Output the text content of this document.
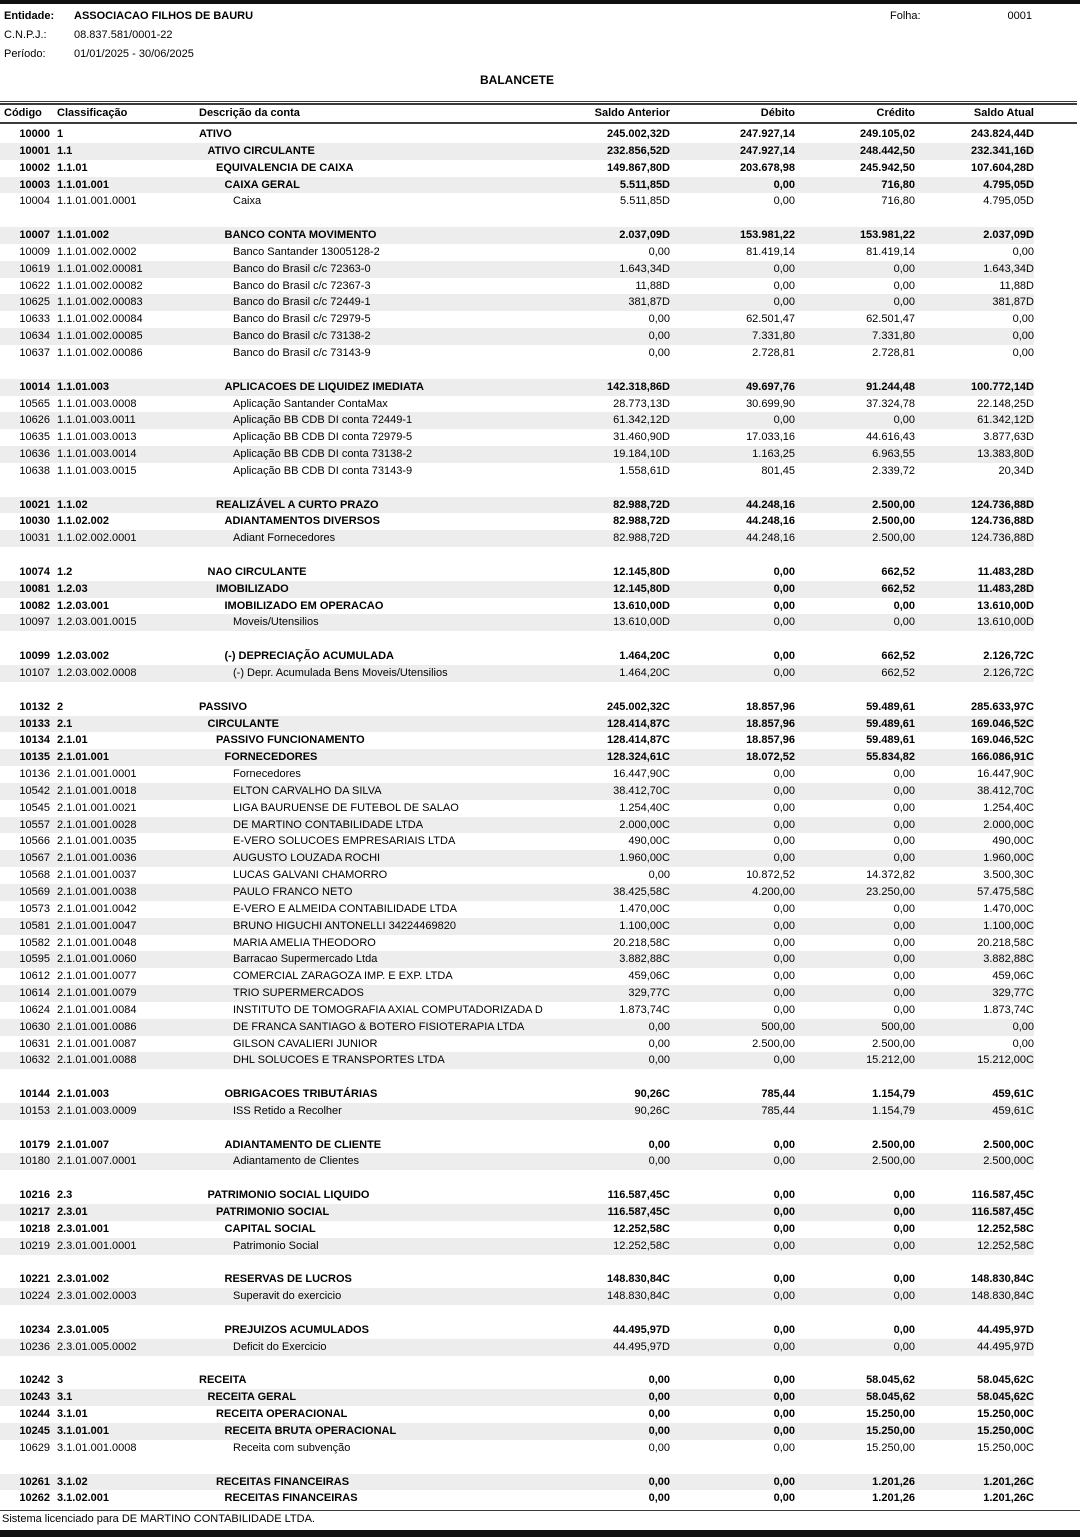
Entidade:	ASSOCIACAO FILHOS DE BAURU
C.N.P.J.:	08.837.581/0001-22
Período:	01/01/2025 - 30/06/2025
Folha:	0001
BALANCETE
Código	Classificação	Descrição da conta	Saldo Anterior	Débito	Crédito	Saldo Atual
10000 1	ATIVO	245.002,32D	247.927,14	249.105,02	243.824,44D
10001 1.1	ATIVO CIRCULANTE	232.856,52D	247.927,14	248.442,50	232.341,16D
10002 1.1.01	EQUIVALENCIA DE CAIXA	149.867,80D	203.678,98	245.942,50	107.604,28D
10003 1.1.01.001	CAIXA GERAL	5.511,85D	0,00	716,80	4.795,05D
10004 1.1.01.001.0001	Caixa	5.511,85D	0,00	716,80	4.795,05D
10007 1.1.01.002	BANCO CONTA MOVIMENTO	2.037,09D	153.981,22	153.981,22	2.037,09D
10009 1.1.01.002.0002	Banco Santander 13005128-2	0,00	81.419,14	81.419,14	0,00
10619 1.1.01.002.00081	Banco do Brasil c/c 72363-0	1.643,34D	0,00	0,00	1.643,34D
10622 1.1.01.002.00082	Banco do Brasil c/c 72367-3	11,88D	0,00	0,00	11,88D
10625 1.1.01.002.00083	Banco do Brasil c/c 72449-1	381,87D	0,00	0,00	381,87D
10633 1.1.01.002.00084	Banco do Brasil c/c 72979-5	0,00	62.501,47	62.501,47	0,00
10634 1.1.01.002.00085	Banco do Brasil c/c 73138-2	0,00	7.331,80	7.331,80	0,00
10637 1.1.01.002.00086	Banco do Brasil c/c 73143-9	0,00	2.728,81	2.728,81	0,00
10014 1.1.01.003	APLICACOES DE LIQUIDEZ IMEDIATA	142.318,86D	49.697,76	91.244,48	100.772,14D
10565 1.1.01.003.0008	Aplicação Santander ContaMax	28.773,13D	30.699,90	37.324,78	22.148,25D
10626 1.1.01.003.0011	Aplicação BB CDB DI conta 72449-1	61.342,12D	0,00	0,00	61.342,12D
10635 1.1.01.003.0013	Aplicação BB CDB DI conta 72979-5	31.460,90D	17.033,16	44.616,43	3.877,63D
10636 1.1.01.003.0014	Aplicação BB CDB DI conta 73138-2	19.184,10D	1.163,25	6.963,55	13.383,80D
10638 1.1.01.003.0015	Aplicação BB CDB DI conta 73143-9	1.558,61D	801,45	2.339,72	20,34D
10021 1.1.02	REALIZÁVEL A CURTO PRAZO	82.988,72D	44.248,16	2.500,00	124.736,88D
10030 1.1.02.002	ADIANTAMENTOS DIVERSOS	82.988,72D	44.248,16	2.500,00	124.736,88D
10031 1.1.02.002.0001	Adiant Fornecedores	82.988,72D	44.248,16	2.500,00	124.736,88D
10074 1.2	NAO CIRCULANTE	12.145,80D	0,00	662,52	11.483,28D
10081 1.2.03	IMOBILIZADO	12.145,80D	0,00	662,52	11.483,28D
10082 1.2.03.001	IMOBILIZADO EM OPERACAO	13.610,00D	0,00	0,00	13.610,00D
10097 1.2.03.001.0015	Moveis/Utensilios	13.610,00D	0,00	0,00	13.610,00D
10099 1.2.03.002	(-) DEPRECIAÇÃO ACUMULADA	1.464,20C	0,00	662,52	2.126,72C
10107 1.2.03.002.0008	(-) Depr. Acumulada Bens Moveis/Utensilios	1.464,20C	0,00	662,52	2.126,72C
10132 2	PASSIVO	245.002,32C	18.857,96	59.489,61	285.633,97C
10133 2.1	CIRCULANTE	128.414,87C	18.857,96	59.489,61	169.046,52C
10134 2.1.01	PASSIVO FUNCIONAMENTO	128.414,87C	18.857,96	59.489,61	169.046,52C
10135 2.1.01.001	FORNECEDORES	128.324,61C	18.072,52	55.834,82	166.086,91C
10136 2.1.01.001.0001	Fornecedores	16.447,90C	0,00	0,00	16.447,90C
10542 2.1.01.001.0018	ELTON CARVALHO DA SILVA	38.412,70C	0,00	0,00	38.412,70C
10545 2.1.01.001.0021	LIGA BAURUENSE DE FUTEBOL DE SALAO	1.254,40C	0,00	0,00	1.254,40C
10557 2.1.01.001.0028	DE MARTINO CONTABILIDADE LTDA	2.000,00C	0,00	0,00	2.000,00C
10566 2.1.01.001.0035	E-VERO SOLUCOES EMPRESARIAIS LTDA	490,00C	0,00	0,00	490,00C
10567 2.1.01.001.0036	AUGUSTO LOUZADA ROCHI	1.960,00C	0,00	0,00	1.960,00C
10568 2.1.01.001.0037	LUCAS GALVANI CHAMORRO	0,00	10.872,52	14.372,82	3.500,30C
10569 2.1.01.001.0038	PAULO FRANCO NETO	38.425,58C	4.200,00	23.250,00	57.475,58C
10573 2.1.01.001.0042	E-VERO E ALMEIDA CONTABILIDADE LTDA	1.470,00C	0,00	0,00	1.470,00C
10581 2.1.01.001.0047	BRUNO HIGUCHI ANTONELLI 34224469820	1.100,00C	0,00	0,00	1.100,00C
10582 2.1.01.001.0048	MARIA AMELIA THEODORO	20.218,58C	0,00	0,00	20.218,58C
10595 2.1.01.001.0060	Barracao Supermercado Ltda	3.882,88C	0,00	0,00	3.882,88C
10612 2.1.01.001.0077	COMERCIAL ZARAGOZA IMP. E EXP. LTDA	459,06C	0,00	0,00	459,06C
10614 2.1.01.001.0079	TRIO SUPERMERCADOS	329,77C	0,00	0,00	329,77C
10624 2.1.01.001.0084	INSTITUTO DE TOMOGRAFIA AXIAL COMPUTADORIZADA D	1.873,74C	0,00	0,00	1.873,74C
10630 2.1.01.001.0086	DE FRANCA SANTIAGO & BOTERO FISIOTERAPIA LTDA	0,00	500,00	500,00	0,00
10631 2.1.01.001.0087	GILSON CAVALIERI JUNIOR	0,00	2.500,00	2.500,00	0,00
10632 2.1.01.001.0088	DHL SOLUCOES E TRANSPORTES LTDA	0,00	0,00	15.212,00	15.212,00C
10144 2.1.01.003	OBRIGACOES TRIBUTÁRIAS	90,26C	785,44	1.154,79	459,61C
10153 2.1.01.003.0009	ISS Retido a Recolher	90,26C	785,44	1.154,79	459,61C
10179 2.1.01.007	ADIANTAMENTO DE CLIENTE	0,00	0,00	2.500,00	2.500,00C
10180 2.1.01.007.0001	Adiantamento de Clientes	0,00	0,00	2.500,00	2.500,00C
10216 2.3	PATRIMONIO SOCIAL LIQUIDO	116.587,45C	0,00	0,00	116.587,45C
10217 2.3.01	PATRIMONIO SOCIAL	116.587,45C	0,00	0,00	116.587,45C
10218 2.3.01.001	CAPITAL SOCIAL	12.252,58C	0,00	0,00	12.252,58C
10219 2.3.01.001.0001	Patrimonio Social	12.252,58C	0,00	0,00	12.252,58C
10221 2.3.01.002	RESERVAS DE LUCROS	148.830,84C	0,00	0,00	148.830,84C
10224 2.3.01.002.0003	Superavit do exercicio	148.830,84C	0,00	0,00	148.830,84C
10234 2.3.01.005	PREJUIZOS ACUMULADOS	44.495,97D	0,00	0,00	44.495,97D
10236 2.3.01.005.0002	Deficit do Exercicio	44.495,97D	0,00	0,00	44.495,97D
10242 3	RECEITA	0,00	0,00	58.045,62	58.045,62C
10243 3.1	RECEITA GERAL	0,00	0,00	58.045,62	58.045,62C
10244 3.1.01	RECEITA OPERACIONAL	0,00	0,00	15.250,00	15.250,00C
10245 3.1.01.001	RECEITA BRUTA OPERACIONAL	0,00	0,00	15.250,00	15.250,00C
10629 3.1.01.001.0008	Receita com subvenção	0,00	0,00	15.250,00	15.250,00C
10261 3.1.02	RECEITAS FINANCEIRAS	0,00	0,00	1.201,26	1.201,26C
10262 3.1.02.001	RECEITAS FINANCEIRAS	0,00	0,00	1.201,26	1.201,26C
Sistema licenciado para DE MARTINO CONTABILIDADE LTDA.
